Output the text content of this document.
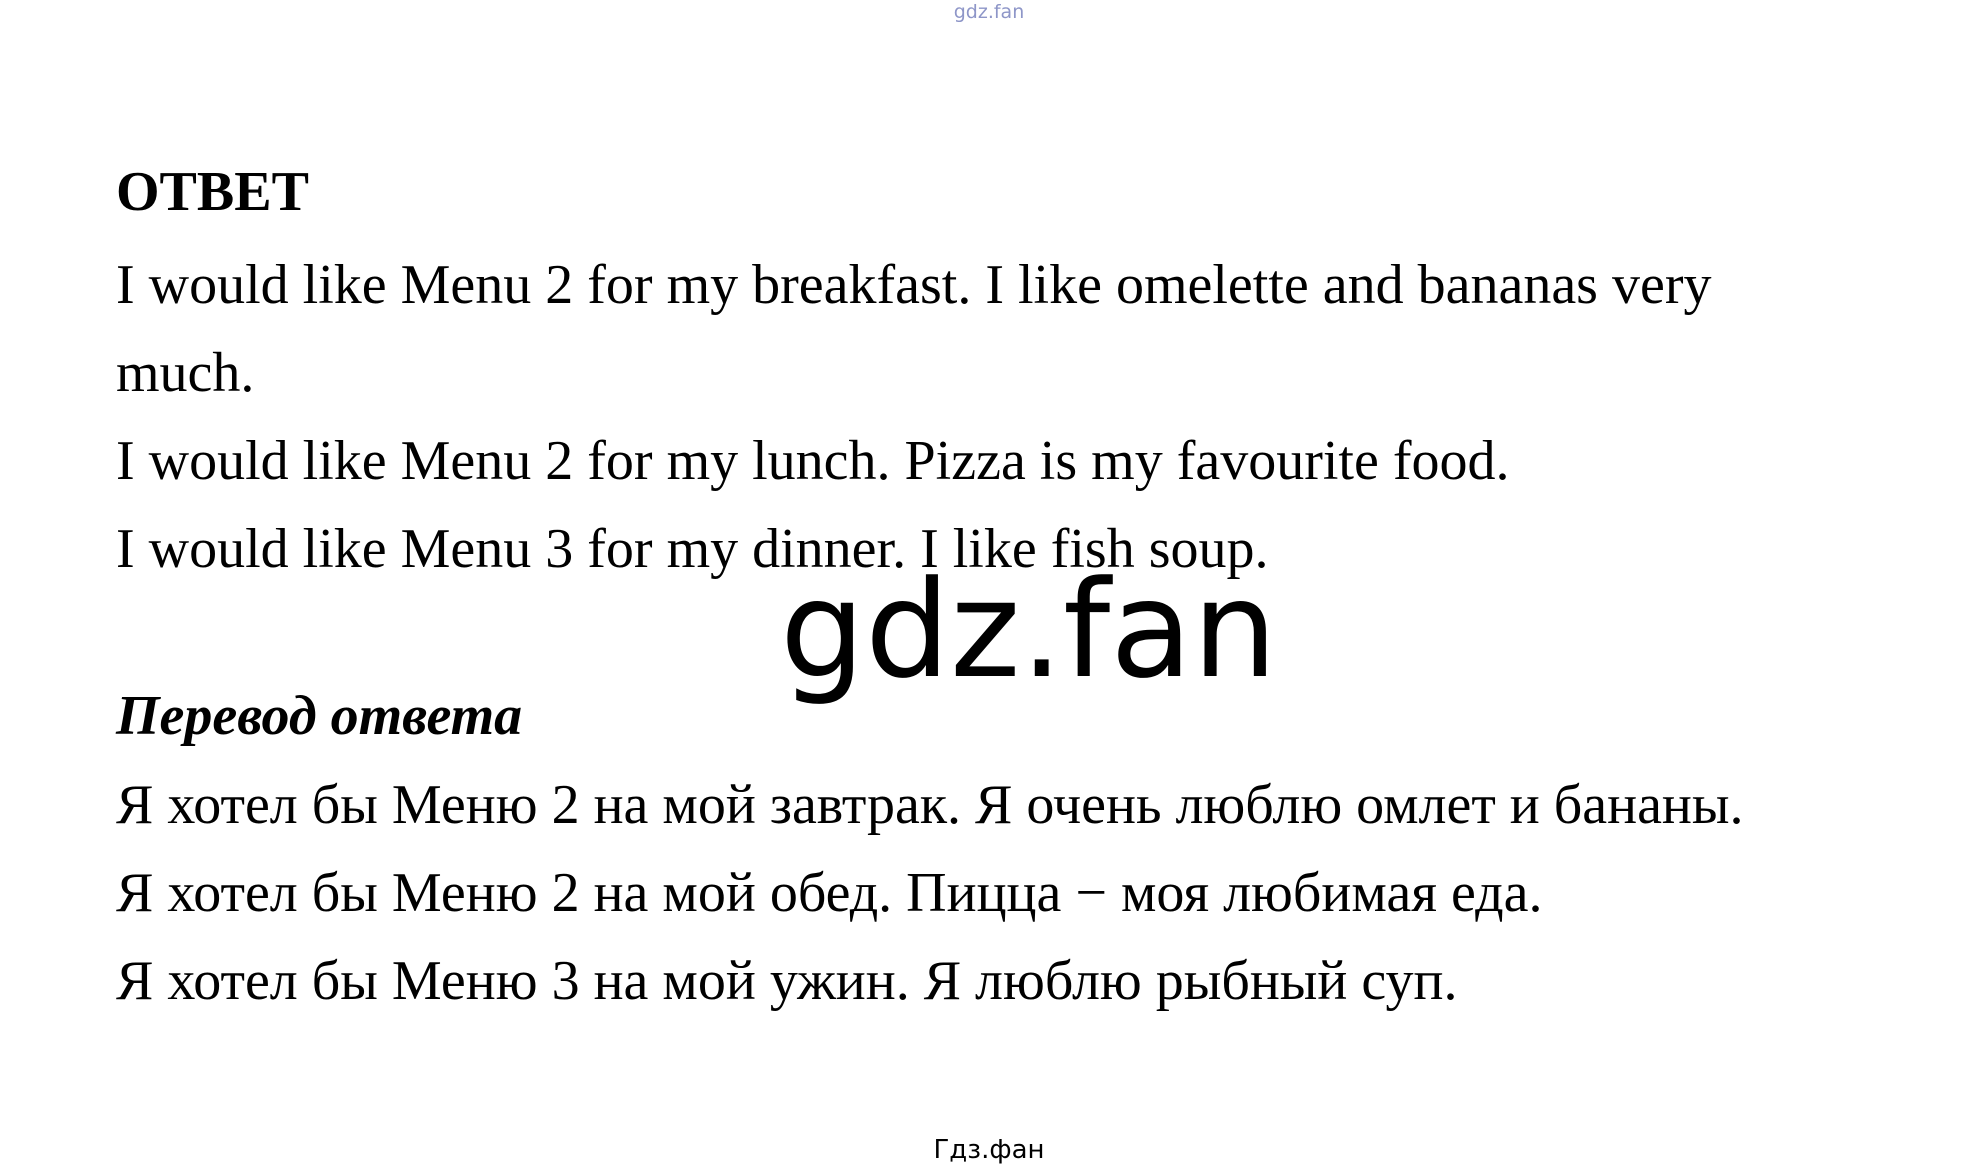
gdz.fan
ОТВЕТ
I would like Menu 2 for my breakfast. I like omelette and bananas very
much.
I would like Menu 2 for my lunch. Pizza is my favourite food.
I would like Menu 3 for my dinner. I like fish soup.
gdz.fan
Перевод ответа
Я хотел бы Меню 2 на мой завтрак. Я очень люблю омлет и бананы.
Я хотел бы Меню 2 на мой обед. Пицца − моя любимая еда.
Я хотел бы Меню 3 на мой ужин. Я люблю рыбный суп.
Гдз.фан
